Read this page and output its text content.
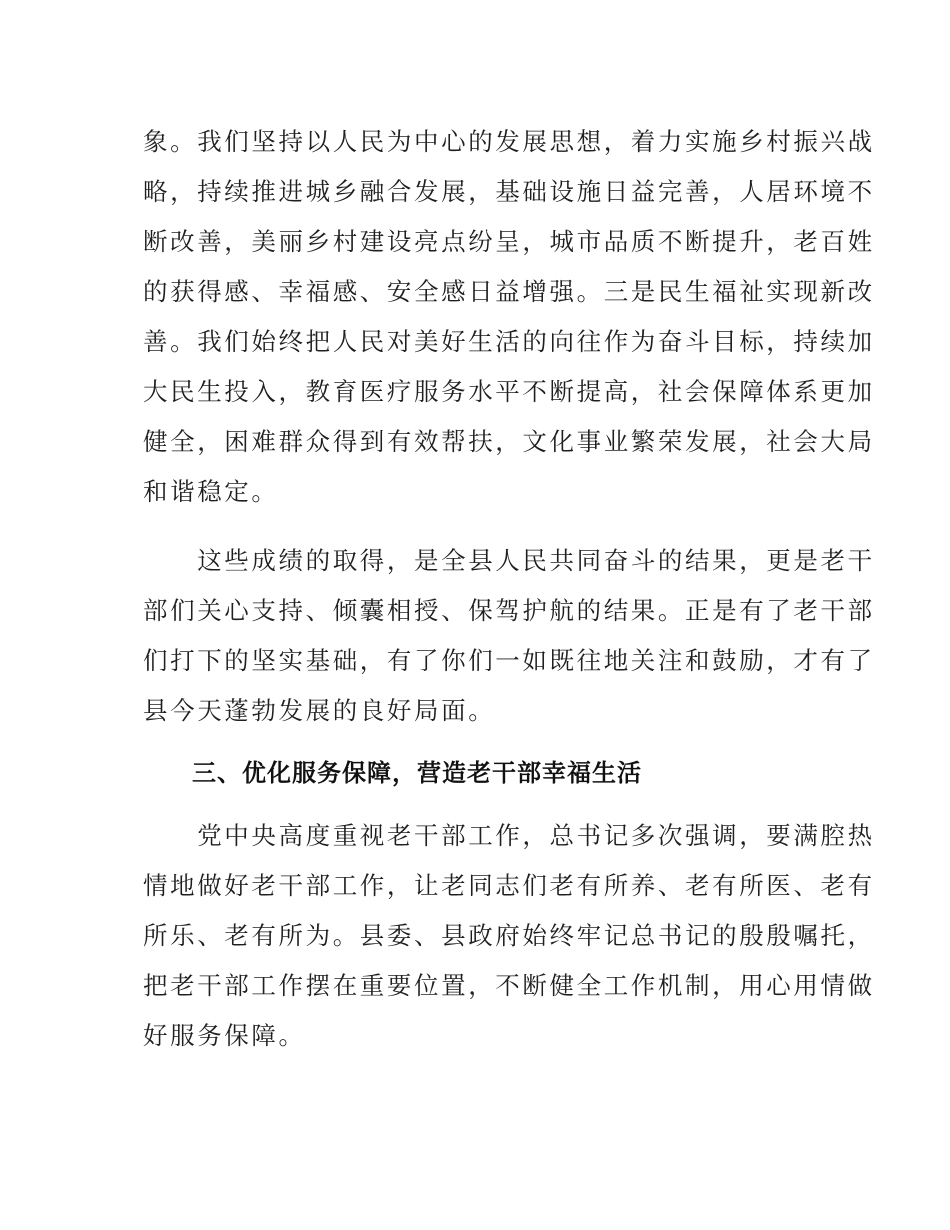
象。我们坚持以人民为中心的发展思想，着力实施乡村振兴战
略，持续推进城乡融合发展，基础设施日益完善，人居环境不
断改善，美丽乡村建设亮点纷呈，城市品质不断提升，老百姓
的获得感、幸福感、安全感日益增强。三是民生福祉实现新改
善。我们始终把人民对美好生活的向往作为奋斗目标，持续加
大民生投入，教育医疗服务水平不断提高，社会保障体系更加
健全，困难群众得到有效帮扶，文化事业繁荣发展，社会大局
和谐稳定。
　　这些成绩的取得，是全县人民共同奋斗的结果，更是老干
部们关心支持、倾囊相授、保驾护航的结果。正是有了老干部
们打下的坚实基础，有了你们一如既往地关注和鼓励，才有了
县今天蓬勃发展的良好局面。
三、优化服务保障，营造老干部幸福生活
　　党中央高度重视老干部工作，总书记多次强调，要满腔热
情地做好老干部工作，让老同志们老有所养、老有所医、老有
所乐、老有所为。县委、县政府始终牢记总书记的殷殷嘱托，
把老干部工作摆在重要位置，不断健全工作机制，用心用情做
好服务保障。
